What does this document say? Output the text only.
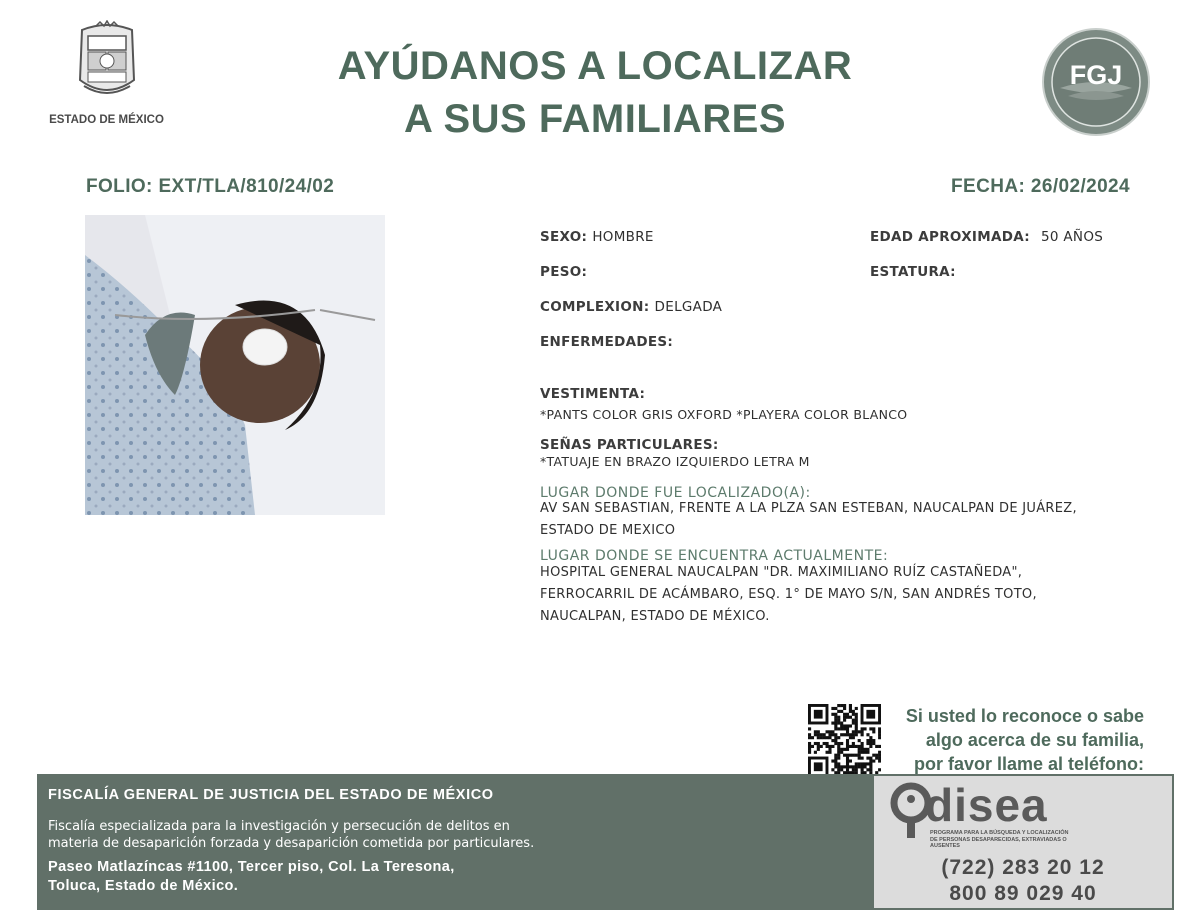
ESTADO DE MÉXICO
AYÚDANOS A LOCALIZAR
A SUS FAMILIARES
FGJ
FOLIO: EXT/TLA/810/24/02	FECHA: 26/02/2024
SEXO: HOMBRE	EDAD APROXIMADA: 50 AÑOS
PESO:	ESTATURA:
COMPLEXION: DELGADA
ENFERMEDADES:
VESTIMENTA:
*PANTS COLOR GRIS OXFORD *PLAYERA COLOR BLANCO
SEÑAS PARTICULARES:
*TATUAJE EN BRAZO IZQUIERDO LETRA M
LUGAR DONDE FUE LOCALIZADO(A):
AV SAN SEBASTIAN, FRENTE A LA PLZA SAN ESTEBAN, NAUCALPAN DE JUÁREZ,
ESTADO DE MEXICO
LUGAR DONDE SE ENCUENTRA ACTUALMENTE:
HOSPITAL GENERAL NAUCALPAN "DR. MAXIMILIANO RUÍZ CASTAÑEDA",
FERROCARRIL DE ACÁMBARO, ESQ. 1° DE MAYO S/N, SAN ANDRÉS TOTO,
NAUCALPAN, ESTADO DE MÉXICO.
Si usted lo reconoce o sabe
algo acerca de su familia,
por favor llame al teléfono:
FISCALÍA GENERAL DE JUSTICIA DEL ESTADO DE MÉXICO
Fiscalía especializada para la investigación y persecución de delitos en
materia de desaparición forzada y desaparición cometida por particulares.
Paseo Matlazíncas #1100, Tercer piso, Col. La Teresona,
Toluca, Estado de México.
disea
PROGRAMA PARA LA BÚSQUEDA Y LOCALIZACIÓN
DE PERSONAS DESAPARECIDAS, EXTRAVIADAS O
AUSENTES
(722) 283 20 12
800 89 029 40
